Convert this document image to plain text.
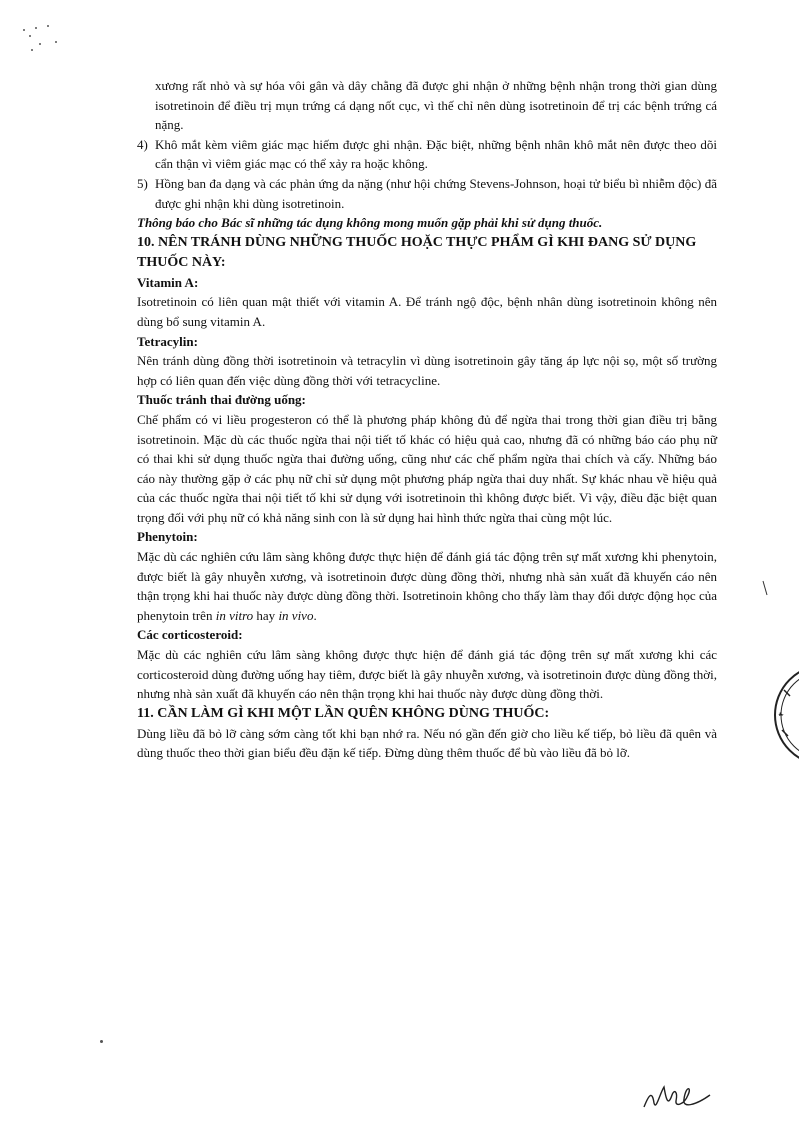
xương rất nhỏ và sự hóa vôi gân và dây chằng đã được ghi nhận ở những bệnh nhận trong thời gian dùng isotretinoin để điều trị mụn trứng cá dạng nốt cục, vì thế chỉ nên dùng isotretinoin để trị các bệnh trứng cá nặng.

4) Khô mắt kèm viêm giác mạc hiếm được ghi nhận. Đặc biệt, những bệnh nhân khô mắt nên được theo dõi cẩn thận vì viêm giác mạc có thể xảy ra hoặc không.

5) Hồng ban đa dạng và các phản ứng da nặng (như hội chứng Stevens-Johnson, hoại tử biểu bì nhiễm độc) đã được ghi nhận khi dùng isotretinoin.

Thông báo cho Bác sĩ những tác dụng không mong muốn gặp phải khi sử dụng thuốc.

10. NÊN TRÁNH DÙNG NHỮNG THUỐC HOẶC THỰC PHẨM GÌ KHI ĐANG SỬ DỤNG THUỐC NÀY:

Vitamin A:

Isotretinoin có liên quan mật thiết với vitamin A. Để tránh ngộ độc, bệnh nhân dùng isotretinoin không nên dùng bổ sung vitamin A.

Tetracylin:

Nên tránh dùng đồng thời isotretinoin và tetracylin vì dùng isotretinoin gây tăng áp lực nội sọ, một số trường hợp có liên quan đến việc dùng đồng thời với tetracycline.

Thuốc tránh thai đường uống:

Chế phẩm có vi liều progesteron có thể là phương pháp không đủ để ngừa thai trong thời gian điều trị bằng isotretinoin. Mặc dù các thuốc ngừa thai nội tiết tố khác có hiệu quả cao, nhưng đã có những báo cáo phụ nữ có thai khi sử dụng thuốc ngừa thai đường uống, cũng như các chế phẩm ngừa thai chích và cấy. Những báo cáo này thường gặp ở các phụ nữ chỉ sử dụng một phương pháp ngừa thai duy nhất. Sự khác nhau về hiệu quả của các thuốc ngừa thai nội tiết tố khi sử dụng với isotretinoin thì không được biết. Vì vậy, điều đặc biệt quan trọng đối với phụ nữ có khả năng sinh con là sử dụng hai hình thức ngừa thai cùng một lúc.

Phenytoin:

Mặc dù các nghiên cứu lâm sàng không được thực hiện để đánh giá tác động trên sự mất xương khi phenytoin, được biết là gây nhuyễn xương, và isotretinoin được dùng đồng thời, nhưng nhà sản xuất đã khuyến cáo nên thận trọng khi hai thuốc này được dùng đồng thời. Isotretinoin không cho thấy làm thay đổi dược động học của phenytoin trên in vitro hay in vivo.

Các corticosteroid:

Mặc dù các nghiên cứu lâm sàng không được thực hiện để đánh giá tác động trên sự mất xương khi các corticosteroid dùng đường uống hay tiêm, được biết là gây nhuyễn xương, và isotretinoin được dùng đồng thời, nhưng nhà sản xuất đã khuyến cáo nên thận trọng khi hai thuốc này được dùng đồng thời.

11. CẦN LÀM GÌ KHI MỘT LẦN QUÊN KHÔNG DÙNG THUỐC:

Dùng liều đã bỏ lỡ càng sớm càng tốt khi bạn nhớ ra. Nếu nó gần đến giờ cho liều kế tiếp, bỏ liều đã quên và dùng thuốc theo thời gian biểu đều đặn kế tiếp. Đừng dùng thêm thuốc để bù vào liều đã bỏ lỡ.
